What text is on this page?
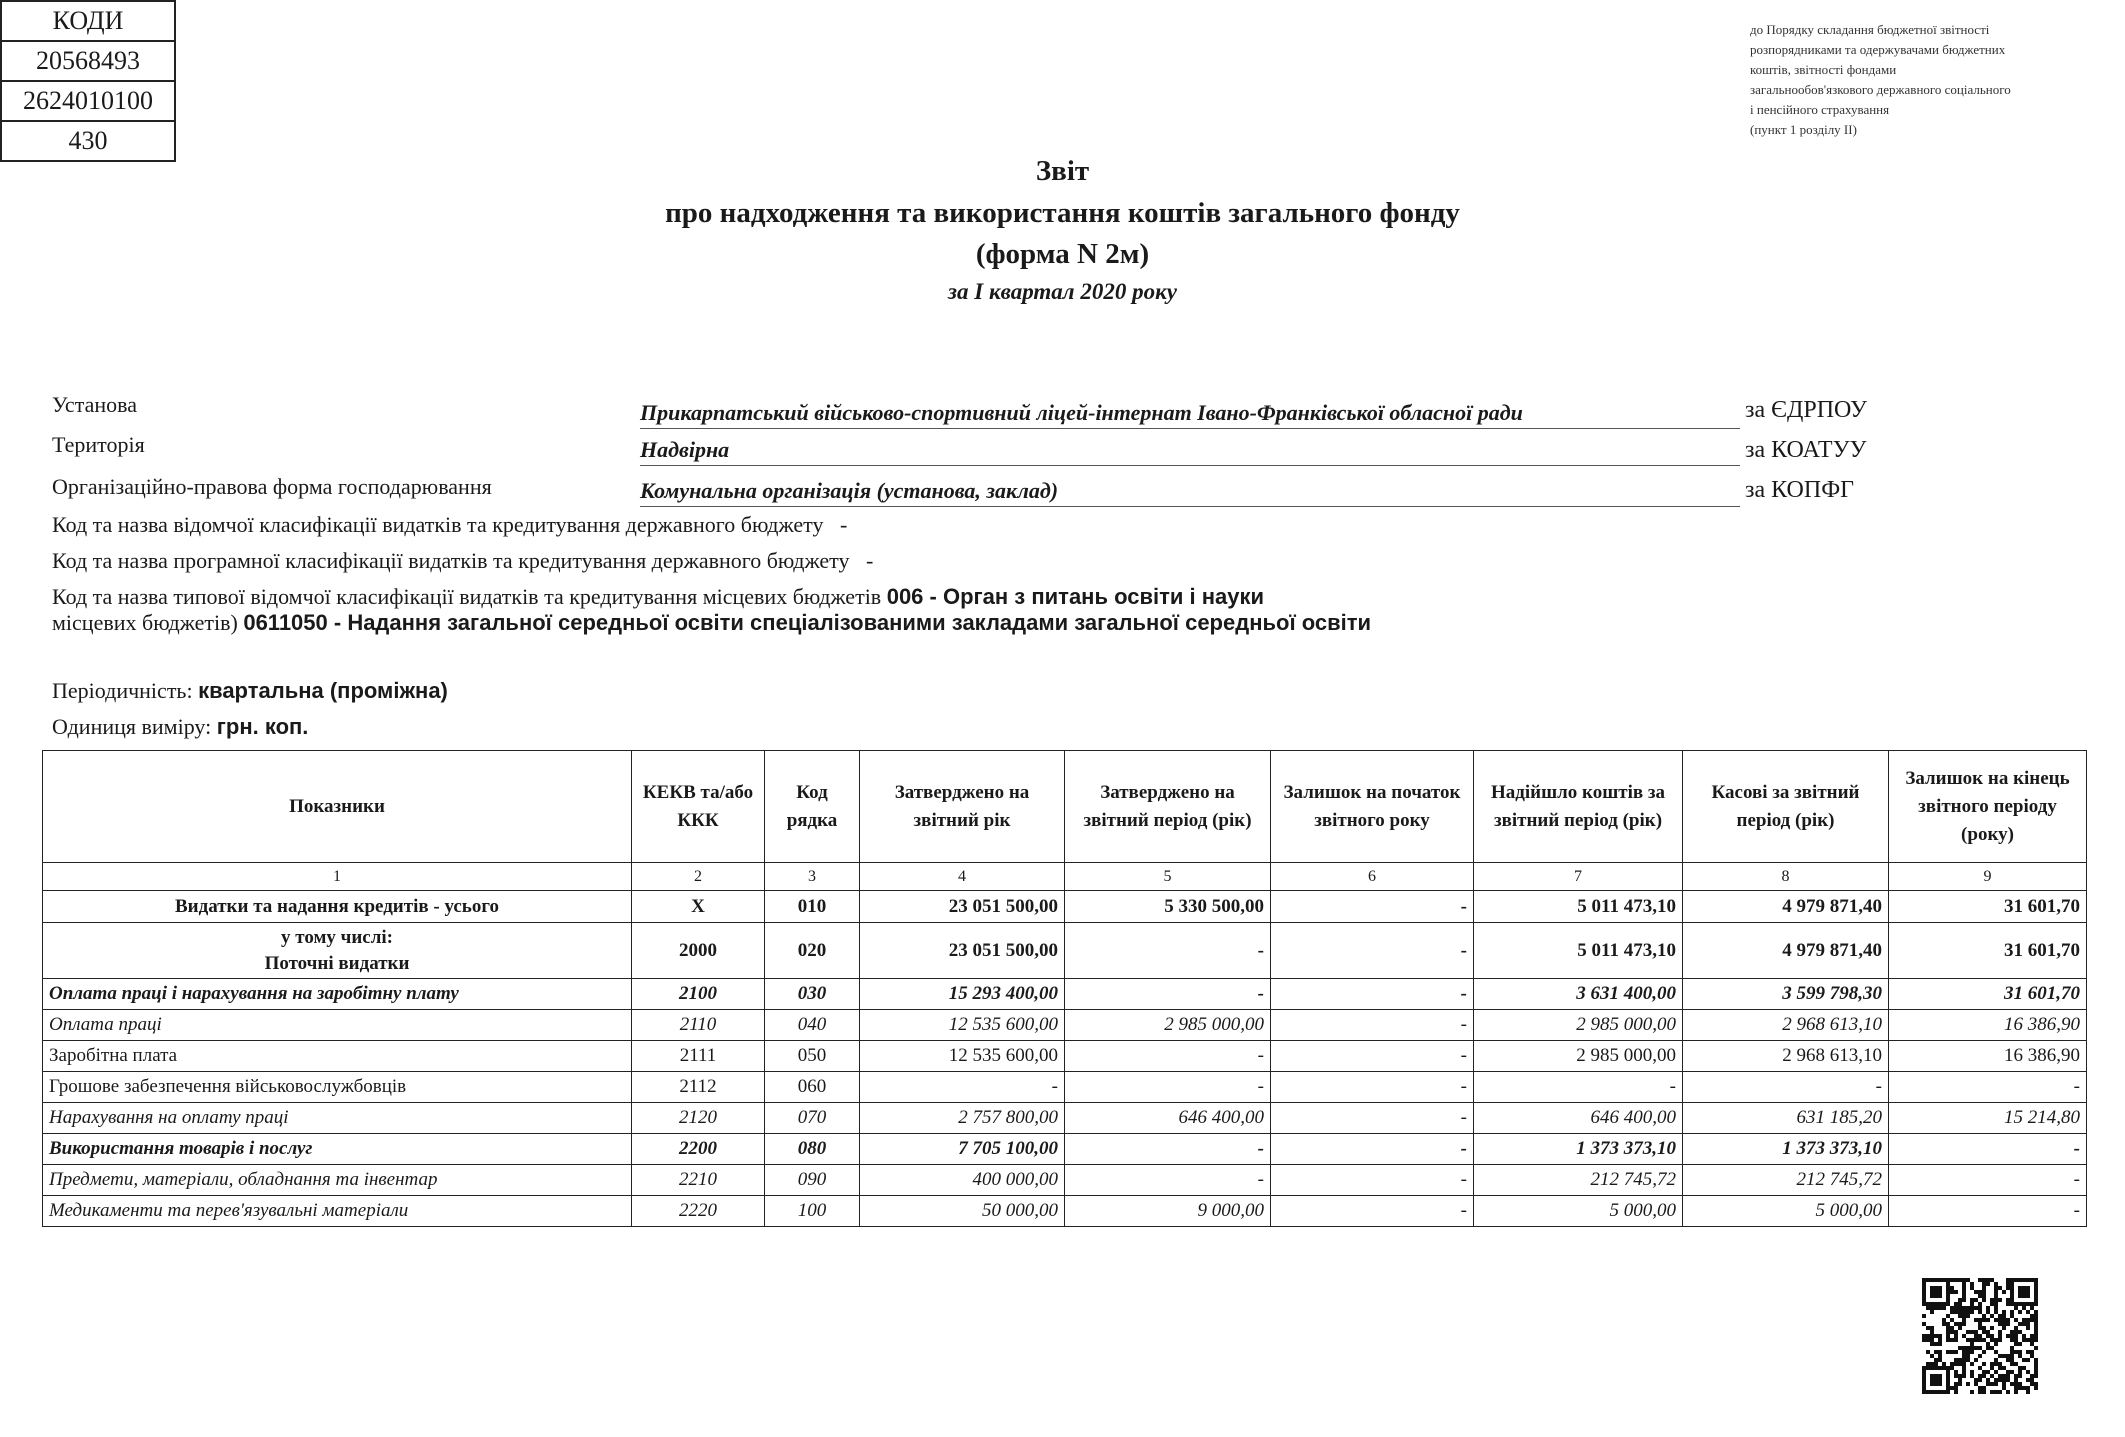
до Порядку складання бюджетної звітності
розпорядниками та одержувачами бюджетних
коштів, звітності фондами
загальнообов'язкового державного соціального
і пенсійного страхування
(пункт 1 розділу II)
Звіт
про надходження та використання коштів загального фонду
(форма N 2м)
за I квартал 2020 року
Установа	Прикарпатський військово-спортивний ліцей-інтернат Івано-Франківської обласної ради	за ЄДРПОУ
Територія	Надвірна	за КОАТУУ
Організаційно-правова форма господарювання	Комунальна організація (установа, заклад)	за КОПФГ
КОДИ
20568493
2624010100
430
Код та назва відомчої класифікації видатків та кредитування державного бюджету -
Код та назва програмної класифікації видатків та кредитування державного бюджету -
Код та назва типової відомчої класифікації видатків та кредитування місцевих бюджетів 006 - Орган з питань освіти і науки
місцевих бюджетів) 0611050 - Надання загальної середньої освіти спеціалізованими закладами загальної середньої освіти
Періодичність: квартальна (проміжна)
Одиниця виміру: грн. коп.
Показники	КЕКВ та/або ККК	Код рядка	Затверджено на звітний рік	Затверджено на звітний період (рік)	Залишок на початок звітного року	Надійшло коштів за звітний період (рік)	Касові за звітний період (рік)	Залишок на кінець звітного періоду (року)
1	2	3	4	5	6	7	8	9
Видатки та надання кредитів - усього	X	010	23 051 500,00	5 330 500,00	-	5 011 473,10	4 979 871,40	31 601,70
у тому числі:
Поточні видатки	2000	020	23 051 500,00	-	-	5 011 473,10	4 979 871,40	31 601,70
Оплата праці і нарахування на заробітну плату	2100	030	15 293 400,00	-	-	3 631 400,00	3 599 798,30	31 601,70
Оплата праці	2110	040	12 535 600,00	2 985 000,00	-	2 985 000,00	2 968 613,10	16 386,90
Заробітна плата	2111	050	12 535 600,00	-	-	2 985 000,00	2 968 613,10	16 386,90
Грошове забезпечення військовослужбовців	2112	060	-	-	-	-	-	-
Нарахування на оплату праці	2120	070	2 757 800,00	646 400,00	-	646 400,00	631 185,20	15 214,80
Використання товарів і послуг	2200	080	7 705 100,00	-	-	1 373 373,10	1 373 373,10	-
Предмети, матеріали, обладнання та інвентар	2210	090	400 000,00	-	-	212 745,72	212 745,72	-
Медикаменти та перев'язувальні матеріали	2220	100	50 000,00	9 000,00	-	5 000,00	5 000,00	-
